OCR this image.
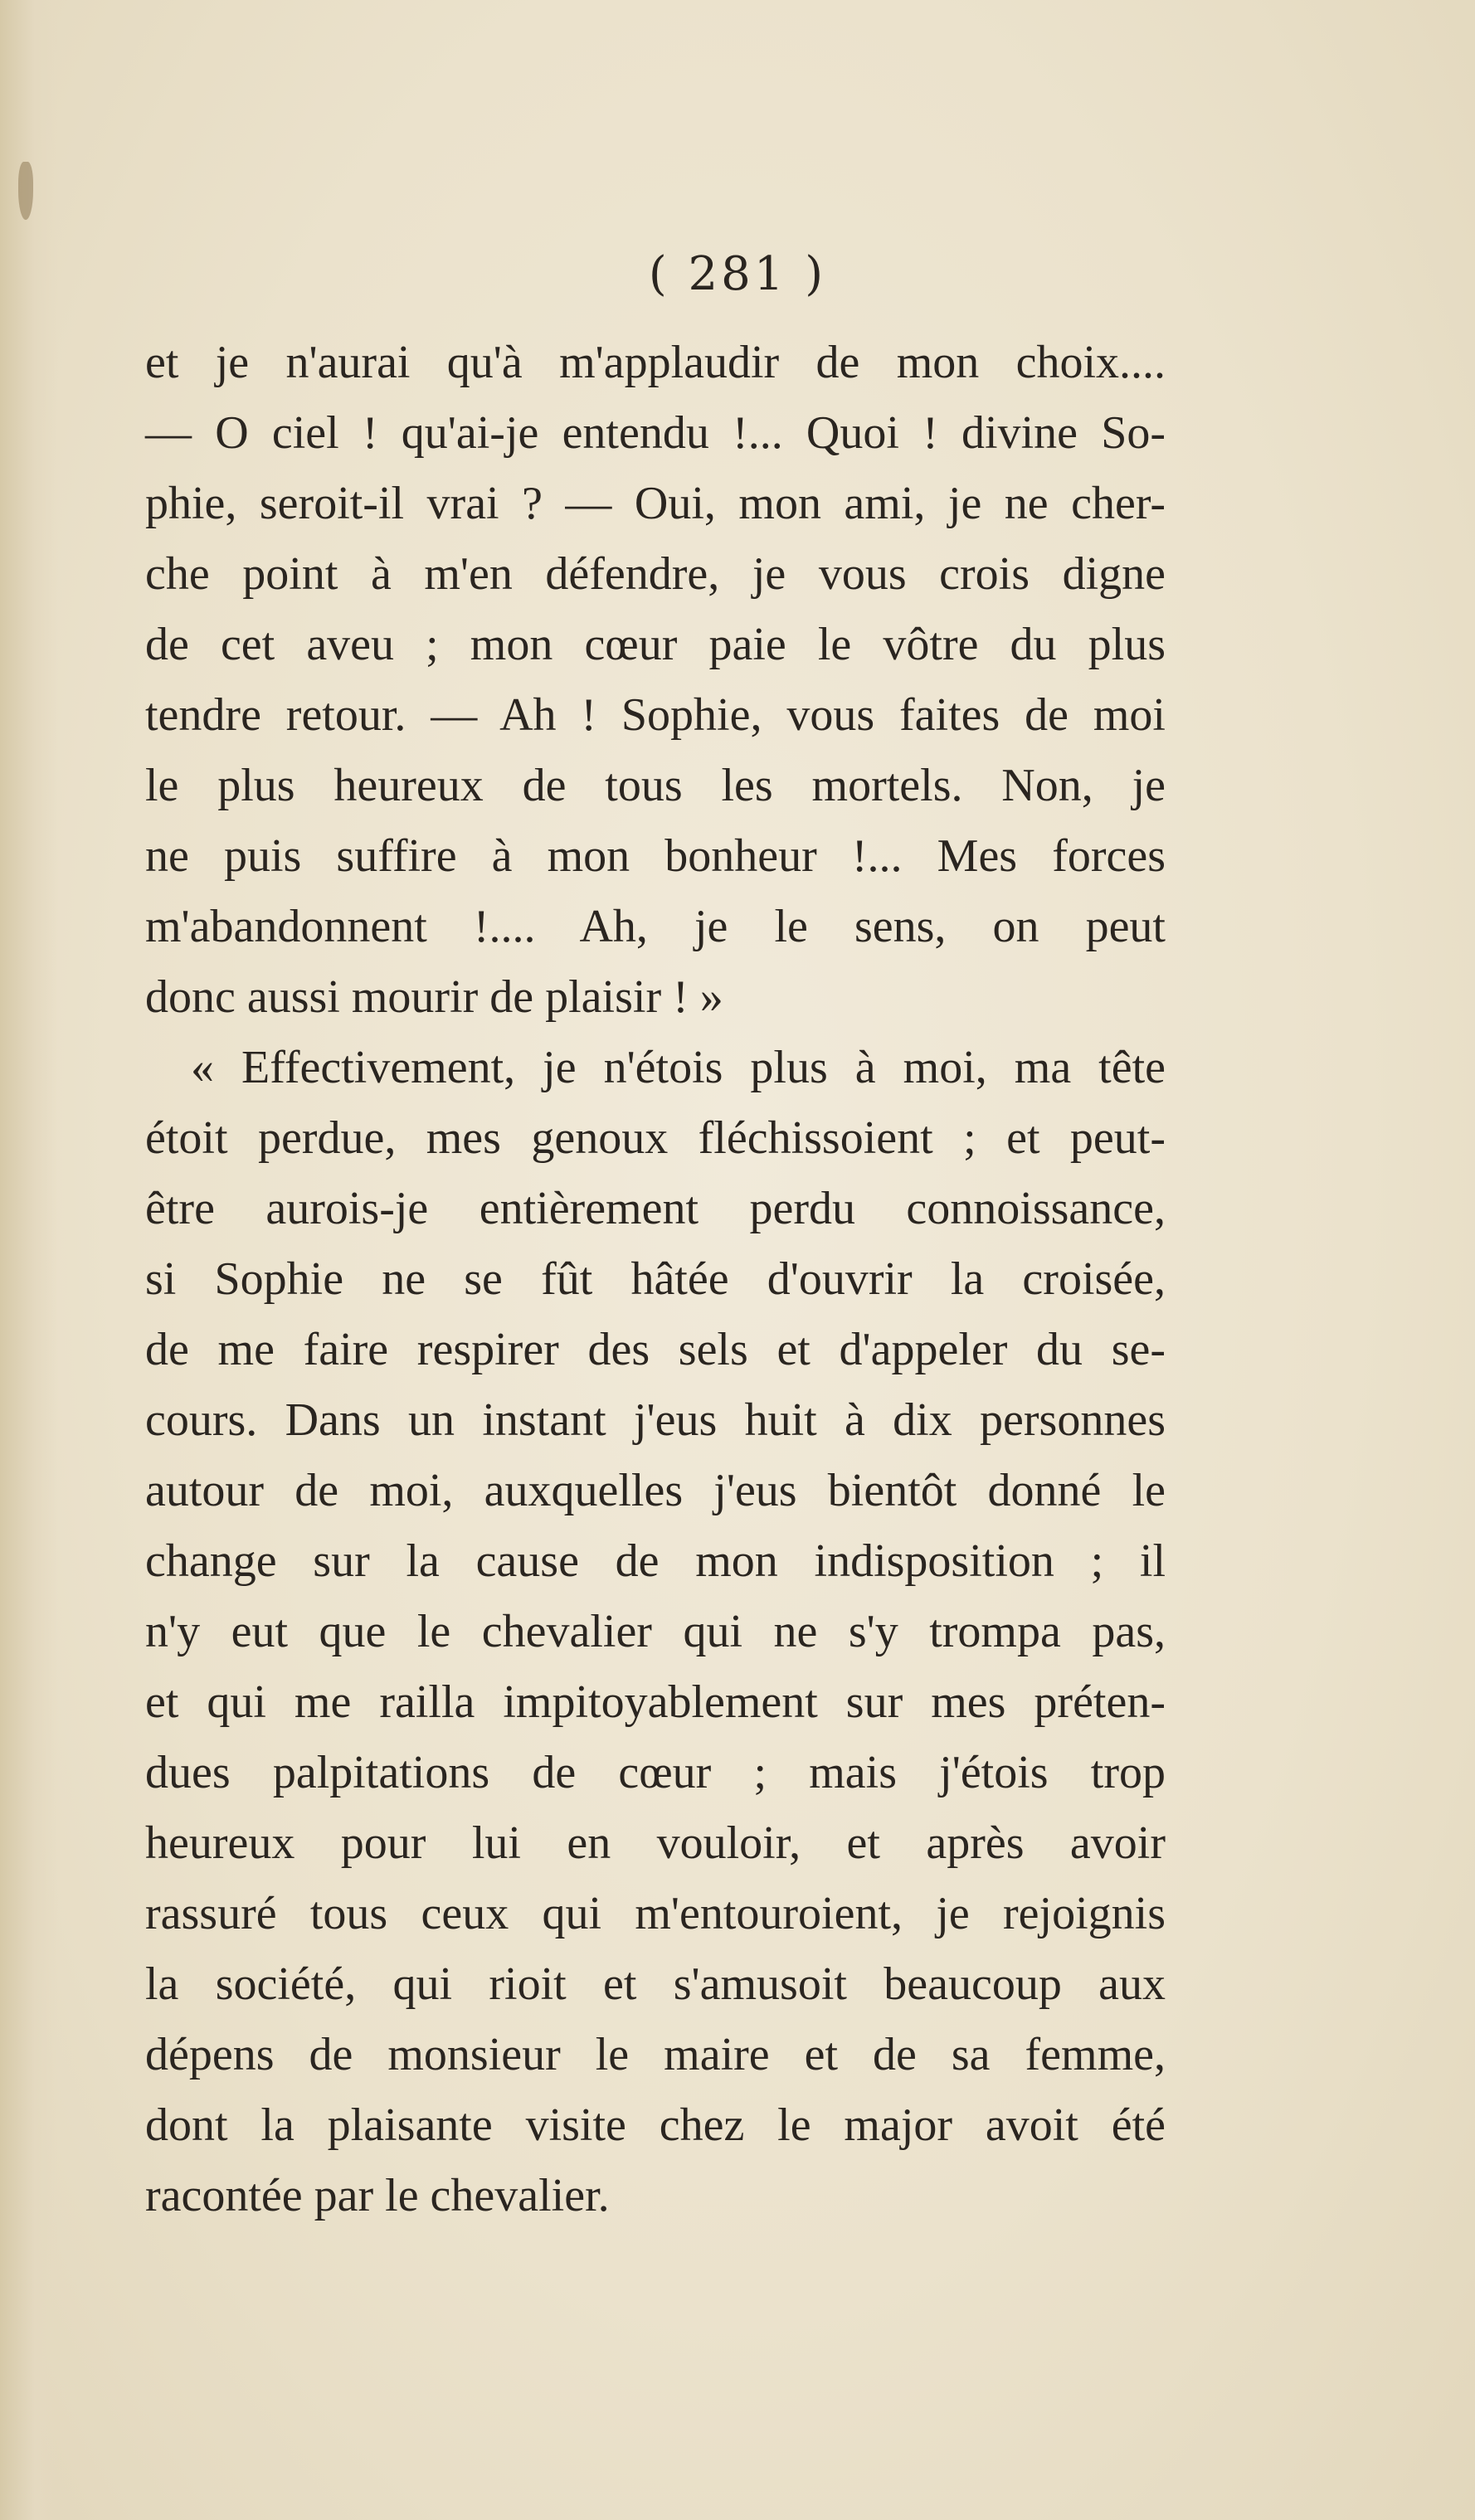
( 281 )
et je n'aurai qu'à m'applaudir de mon choix....
— O ciel ! qu'ai-je entendu !... Quoi ! divine So-
phie, seroit-il vrai ? — Oui, mon ami, je ne cher-
che point à m'en défendre, je vous crois digne
de cet aveu ; mon cœur paie le vôtre du plus
tendre retour. — Ah ! Sophie, vous faites de moi
le plus heureux de tous les mortels. Non, je
ne puis suffire à mon bonheur !... Mes forces
m'abandonnent !.... Ah, je le sens, on peut
donc aussi mourir de plaisir ! »
« Effectivement, je n'étois plus à moi, ma tête
étoit perdue, mes genoux fléchissoient ; et peut-
être aurois-je entièrement perdu connoissance,
si Sophie ne se fût hâtée d'ouvrir la croisée,
de me faire respirer des sels et d'appeler du se-
cours. Dans un instant j'eus huit à dix personnes
autour de moi, auxquelles j'eus bientôt donné le
change sur la cause de mon indisposition ; il
n'y eut que le chevalier qui ne s'y trompa pas,
et qui me railla impitoyablement sur mes préten-
dues palpitations de cœur ; mais j'étois trop
heureux pour lui en vouloir, et après avoir
rassuré tous ceux qui m'entouroient, je rejoignis
la société, qui rioit et s'amusoit beaucoup aux
dépens de monsieur le maire et de sa femme,
dont la plaisante visite chez le major avoit été
racontée par le chevalier.
